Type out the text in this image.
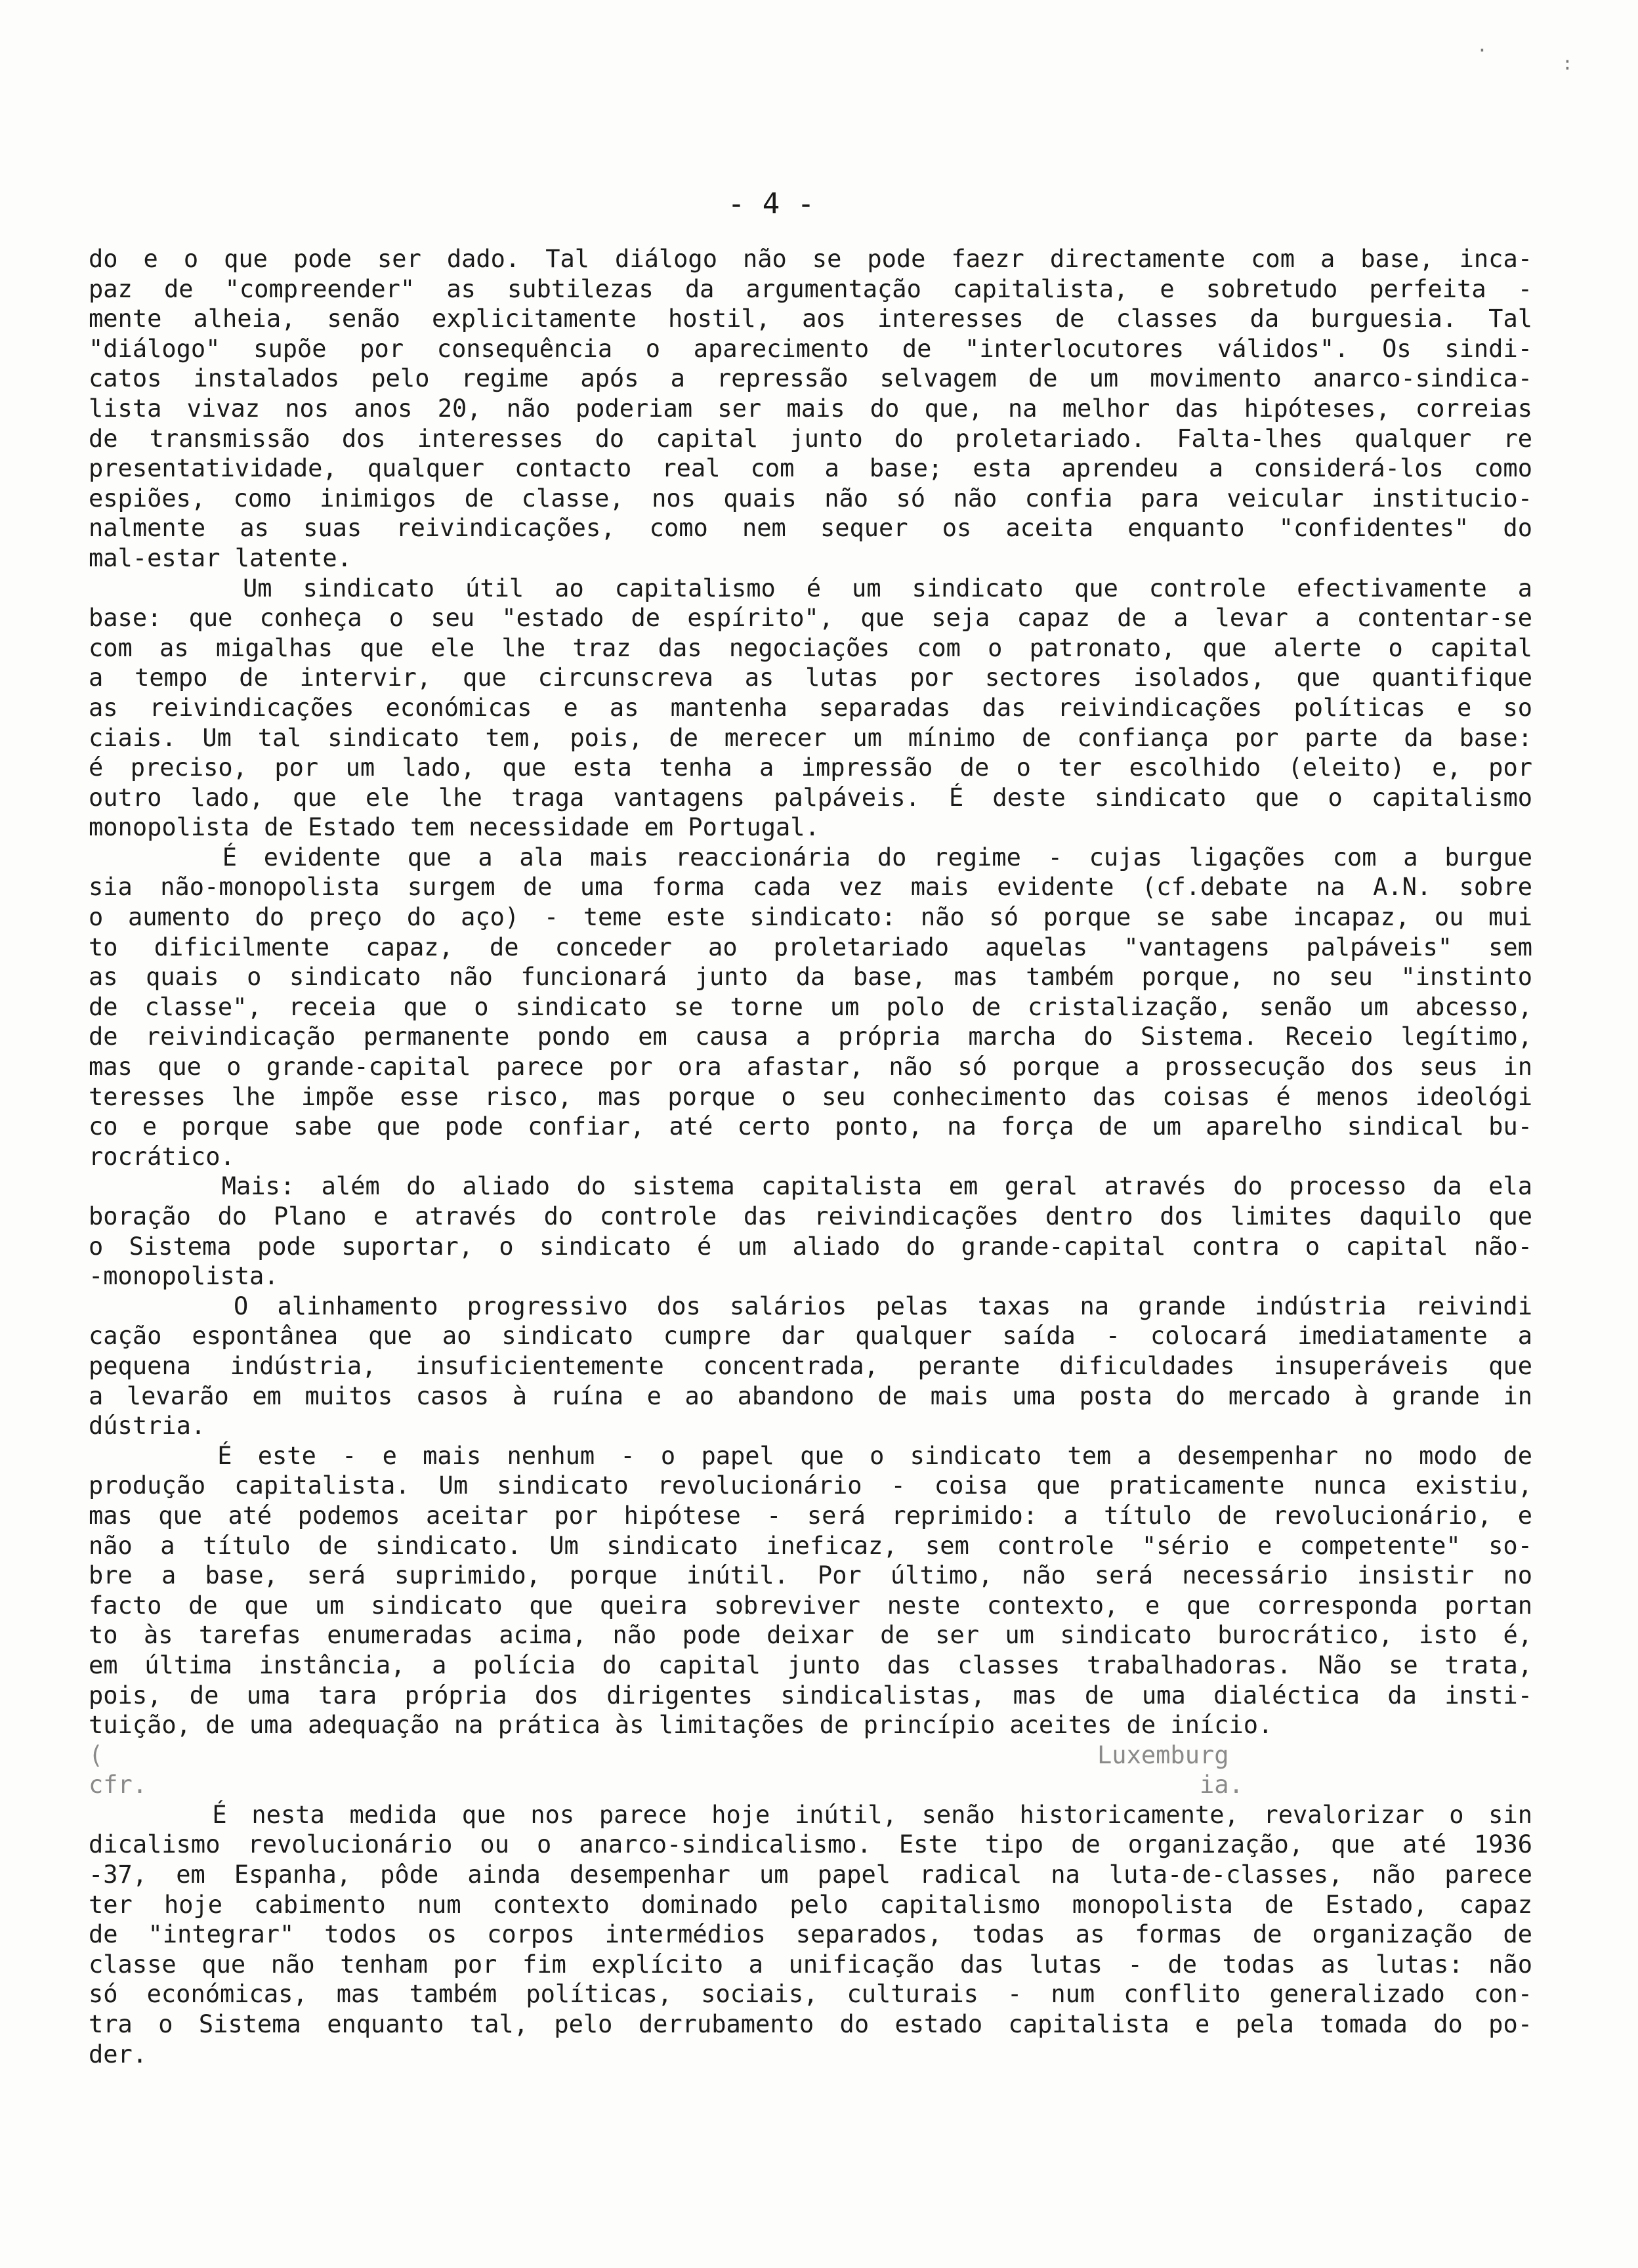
- 4 -
do e o que pode ser dado. Tal diálogo não se pode faezr directamente com a base, inca-
paz de "compreender" as subtilezas da argumentação capitalista, e sobretudo perfeita -
mente alheia, senão explicitamente hostil, aos interesses de classes da burguesia. Tal
"diálogo" supõe por consequência o aparecimento de "interlocutores válidos". Os sindi-
catos instalados pelo regime após a repressão selvagem de um movimento anarco-sindica-
lista vivaz nos anos 20, não poderiam ser mais do que, na melhor das hipóteses, correias
de transmissão dos interesses do capital junto do proletariado. Falta-lhes qualquer re
presentatividade, qualquer contacto real com a base; esta aprendeu a considerá-los como
espiões, como inimigos de classe, nos quais não só não confia para veicular institucio-
nalmente as suas reivindicações, como nem sequer os aceita enquanto "confidentes" do
mal-estar latente.
Um sindicato útil ao capitalismo é um sindicato que controle efectivamente a
base: que conheça o seu "estado de espírito", que seja capaz de a levar a contentar-se
com as migalhas que ele lhe traz das negociações com o patronato, que alerte o capital
a tempo de intervir, que circunscreva as lutas por sectores isolados, que quantifique
as reivindicações económicas e as mantenha separadas das reivindicações políticas e so
ciais. Um tal sindicato tem, pois, de merecer um mínimo de confiança por parte da base:
é preciso, por um lado, que esta tenha a impressão de o ter escolhido (eleito) e, por
outro lado, que ele lhe traga vantagens palpáveis. É deste sindicato que o capitalismo
monopolista de Estado tem necessidade em Portugal.
É evidente que a ala mais reaccionária do regime - cujas ligações com a burgue
sia não-monopolista surgem de uma forma cada vez mais evidente (cf.debate na A.N. sobre
o aumento do preço do aço) - teme este sindicato: não só porque se sabe incapaz, ou mui
to dificilmente capaz, de conceder ao proletariado aquelas "vantagens palpáveis" sem
as quais o sindicato não funcionará junto da base, mas também porque, no seu "instinto
de classe", receia que o sindicato se torne um polo de cristalização, senão um abcesso,
de reivindicação permanente pondo em causa a própria marcha do Sistema. Receio legítimo,
mas que o grande-capital parece por ora afastar, não só porque a prossecução dos seus in
teresses lhe impõe esse risco, mas porque o seu conhecimento das coisas é menos ideológi
co e porque sabe que pode confiar, até certo ponto, na força de um aparelho sindical bu-
rocrático.
Mais: além do aliado do sistema capitalista em geral através do processo da ela
boração do Plano e através do controle das reivindicações dentro dos limites daquilo que
o Sistema pode suportar, o sindicato é um aliado do grande-capital contra o capital não-
-monopolista.
O alinhamento progressivo dos salários pelas taxas na grande indústria reivindi
cação espontânea que ao sindicato cumpre dar qualquer saída - colocará imediatamente a
pequena indústria, insuficientemente concentrada, perante dificuldades insuperáveis que
a levarão em muitos casos à ruína e ao abandono de mais uma posta do mercado à grande in
dústria.
É este - e mais nenhum - o papel que o sindicato tem a desempenhar no modo de
produção capitalista. Um sindicato revolucionário - coisa que praticamente nunca existiu,
mas que até podemos aceitar por hipótese - será reprimido: a título de revolucionário, e
não a título de sindicato. Um sindicato ineficaz, sem controle "sério e competente" so-
bre a base, será suprimido, porque inútil. Por último, não será necessário insistir no
facto de que um sindicato que queira sobreviver neste contexto, e que corresponda portan
to às tarefas enumeradas acima, não pode deixar de ser um sindicato burocrático, isto é,
em última instância, a polícia do capital junto das classes trabalhadoras. Não se trata,
pois, de uma tara própria dos dirigentes sindicalistas, mas de uma dialéctica da insti-
tuição, de uma adequação na prática às limitações de princípio aceites de início.
(                                                                    Luxemburg
cfr.                                                                        ia.
É nesta medida que nos parece hoje inútil, senão historicamente, revalorizar o sin
dicalismo revolucionário ou o anarco-sindicalismo. Este tipo de organização, que até 1936
-37, em Espanha, pôde ainda desempenhar um papel radical na luta-de-classes, não parece
ter hoje cabimento num contexto dominado pelo capitalismo monopolista de Estado, capaz
de "integrar" todos os corpos intermédios separados, todas as formas de organização de
classe que não tenham por fim explícito a unificação das lutas - de todas as lutas: não
só económicas, mas também políticas, sociais, culturais - num conflito generalizado con-
tra o Sistema enquanto tal, pelo derrubamento do estado capitalista e pela tomada do po-
der.
·
:
